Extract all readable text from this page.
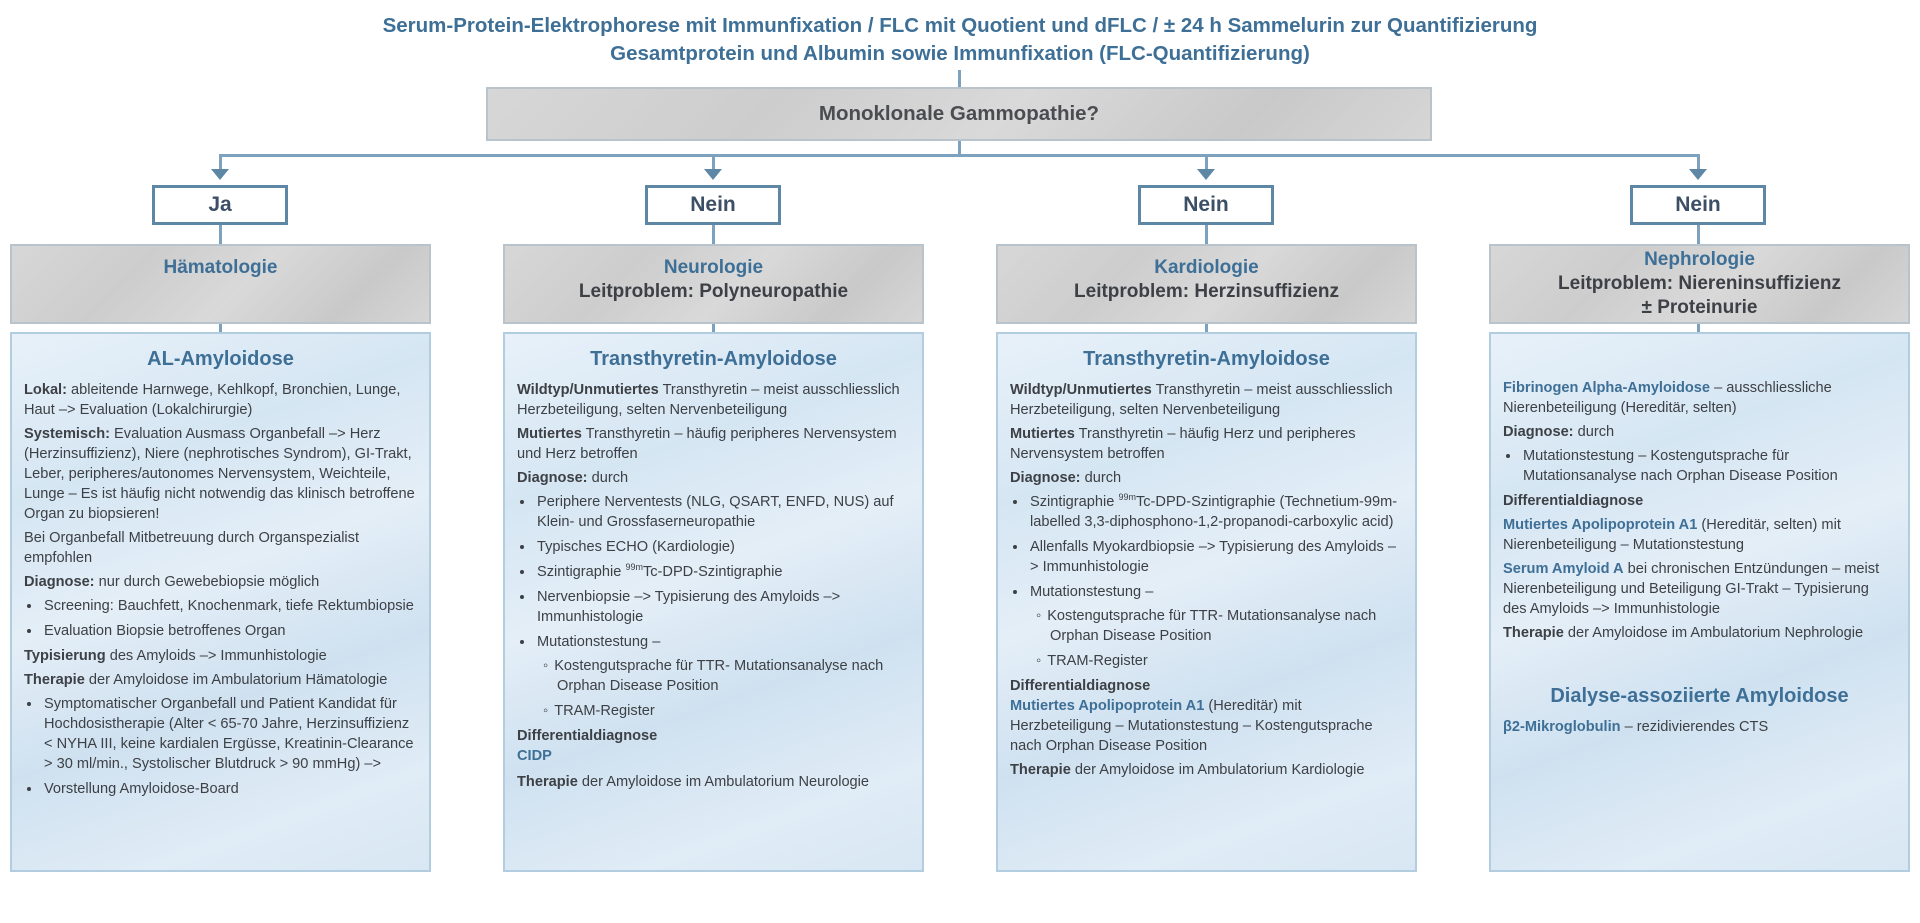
Serum-Protein-Elektrophorese mit Immunfixation / FLC mit Quotient und dFLC / ± 24 h Sammelurin zur Quantifizierung
Gesamtprotein und Albumin sowie Immunfixation (FLC-Quantifizierung)
Monoklonale Gammopathie?
Ja	Nein	Nein	Nein
Hämatologie	Neurologie
Leitproblem: Polyneuropathie
Kardiologie
Leitproblem: Herzinsuffizienz
Nephrologie
Leitproblem: Niereninsuffizienz
± Proteinurie
AL-Amyloidose

Lokal: ableitende Harnwege, Kehlkopf, Bronchien, Lunge, Haut –> Evaluation (Lokalchirurgie)

Systemisch: Evaluation Ausmass Organbefall –> Herz (Herzinsuffizienz), Niere (nephrotisches Syndrom), GI-Trakt, Leber, peripheres/autonomes Nervensystem, Weichteile, Lunge – Es ist häufig nicht notwendig das klinisch betroffene Organ zu biopsieren!

Bei Organbefall Mitbetreuung durch Organspezialist empfohlen

Diagnose: nur durch Gewebebiopsie möglich

• Screening: Bauchfett, Knochenmark, tiefe Rektumbiopsie
• Evaluation Biopsie betroffenes Organ

Typisierung des Amyloids –> Immunhistologie

Therapie der Amyloidose im Ambulatorium Hämatologie

• Symptomatischer Organbefall und Patient Kandidat für Hochdosistherapie (Alter < 65-70 Jahre, Herzinsuffizienz < NYHA III, keine kardialen Ergüsse, Kreatinin-Clearance > 30 ml/min., Systolischer Blutdruck > 90 mmHg) –>
• Vorstellung Amyloidose-Board
Transthyretin-Amyloidose

Wildtyp/Unmutiertes Transthyretin – meist ausschliesslich Herzbeteiligung, selten Nervenbeteiligung

Mutiertes Transthyretin – häufig peripheres Nervensystem und Herz betroffen

Diagnose: durch

• Periphere Nerventests (NLG, QSART, ENFD, NUS) auf Klein- und Grossfaserneuropathie
• Typisches ECHO (Kardiologie)
• Szintigraphie $^{99m}$Tc-DPD-Szintigraphie
• Nervenbiopsie –> Typisierung des Amyloids –> Immunhistologie
• Mutationstestung –
◦ Kostengutsprache für TTR- Mutationsanalyse nach Orphan Disease Position
◦ TRAM-Register

Differentialdiagnose

CIDP

Therapie der Amyloidose im Ambulatorium Neurologie

Transthyretin-Amyloidose

Wildtyp/Unmutiertes Transthyretin – meist ausschliesslich Herzbeteiligung, selten Nervenbeteiligung

Mutiertes Transthyretin – häufig Herz und peripheres Nervensystem betroffen

Diagnose: durch

• Szintigraphie $^{99m}$Tc-DPD-Szintigraphie (Technetium-99m-labelled 3,3-diphosphono-1,2-propanodi-carboxylic acid)
• Allenfalls Myokardbiopsie –> Typisierung des Amyloids –> Immunhistologie
• Mutationstestung –
◦ Kostengutsprache für TTR- Mutationsanalyse nach Orphan Disease Position
◦ TRAM-Register

Differentialdiagnose

Mutiertes Apolipoprotein A1 (Hereditär) mit Herzbeteiligung – Mutationstestung – Kostengutsprache nach Orphan Disease Position

Therapie der Amyloidose im Ambulatorium Kardiologie

Fibrinogen Alpha-Amyloidose – ausschliessliche Nierenbeteiligung (Hereditär, selten)

Diagnose: durch

• Mutationstestung – Kostengutsprache für Mutationsanalyse nach Orphan Disease Position

Differentialdiagnose

Mutiertes Apolipoprotein A1 (Hereditär, selten) mit Nierenbeteiligung – Mutationstestung

Serum Amyloid A bei chronischen Entzündungen – meist Nierenbeteiligung und Beteiligung GI-Trakt – Typisierung des Amyloids –> Immunhistologie

Therapie der Amyloidose im Ambulatorium Nephrologie

Dialyse-assoziierte Amyloidose

β2-Mikroglobulin – rezidivierendes CTS
